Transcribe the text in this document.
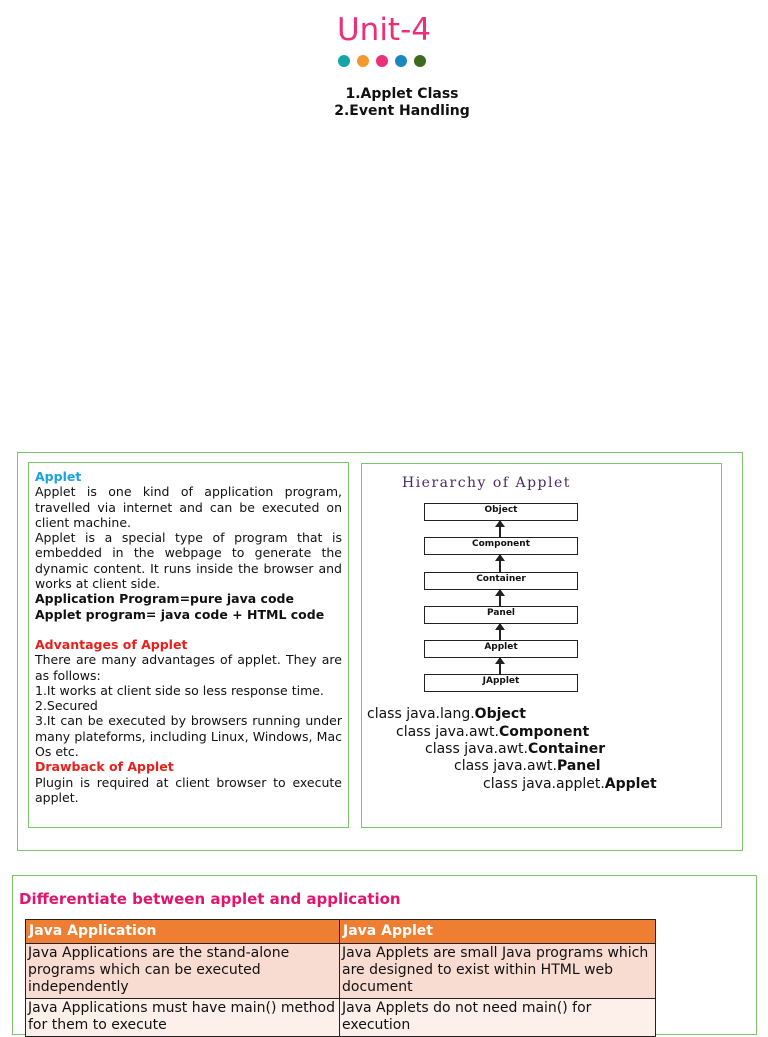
Unit-4
1.Applet Class
2.Event Handling

Applet

Applet is one kind of application program, travelled via internet and can be executed on client machine.

Applet is a special type of program that is embedded in the webpage to generate the dynamic content. It runs inside the browser and works at client side.

Application Program=pure java code

Applet program= java code + HTML code

Advantages of Applet

There are many advantages of applet. They are as follows:

1.It works at client side so less response time.

2.Secured

3.It can be executed by browsers running under many plateforms, including Linux, Windows, Mac Os etc.

Drawback of Applet

Plugin is required at client browser to execute applet.

Hierarchy of Applet
Object
Component
Container
Panel
Applet
JApplet
class java.lang.Object
class java.awt.Component
class java.awt.Container
class java.awt.Panel
class java.applet.Applet
Differentiate between applet and application
Java Application	Java Applet
Java Applications are the stand-alone programs which can be executed independently	Java Applets are small Java programs which are designed to exist within HTML web document
Java Applications must have main() method for them to execute	Java Applets do not need main() for execution
